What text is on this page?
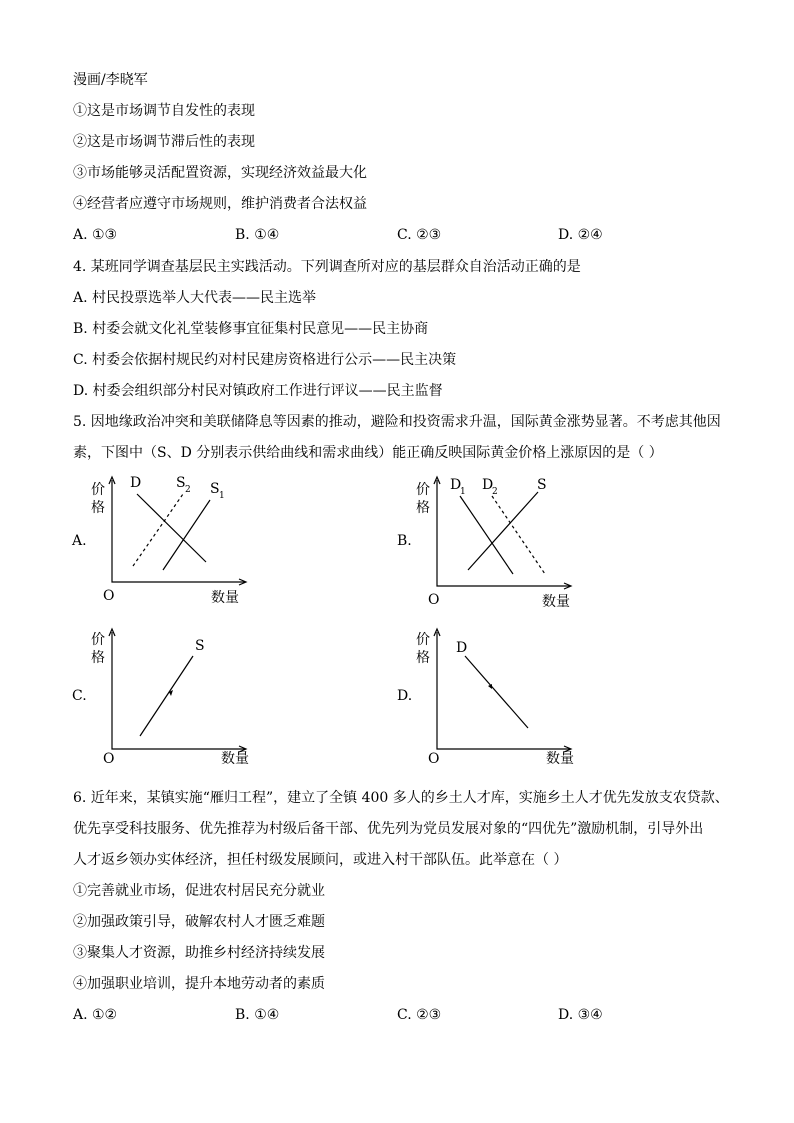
漫画/李晓军
①这是市场调节自发性的表现
②这是市场调节滞后性的表现
③市场能够灵活配置资源，实现经济效益最大化
④经营者应遵守市场规则，维护消费者合法权益
A. ①③	B. ①④	C. ②③	D. ②④
4. 某班同学调查基层民主实践活动。下列调查所对应的基层群众自治活动正确的是
A. 村民投票选举人大代表——民主选举
B. 村委会就文化礼堂装修事宜征集村民意见——民主协商
C. 村委会依据村规民约对村民建房资格进行公示——民主决策
D. 村委会组织部分村民对镇政府工作进行评议——民主监督
5. 因地缘政治冲突和美联储降息等因素的推动，避险和投资需求升温，国际黄金涨势显著。不考虑其他因
素，下图中（S、D 分别表示供给曲线和需求曲线）能正确反映国际黄金价格上涨原因的是（ ）
A.
价
格
O	数量
D S 2 S 1
B.
价
格
O	数量
D
1 D
2	S
C.
价
格
O	数量
S
D.
价
格
O	数量
D
6. 近年来，某镇实施“雁归工程”，建立了全镇 400 多人的乡土人才库，实施乡土人才优先发放支农贷款、
优先享受科技服务、优先推荐为村级后备干部、优先列为党员发展对象的“四优先”激励机制，引导外出
人才返乡领办实体经济，担任村级发展顾问，或进入村干部队伍。此举意在（ ）
①完善就业市场，促进农村居民充分就业
②加强政策引导，破解农村人才匮乏难题
③聚集人才资源，助推乡村经济持续发展
④加强职业培训，提升本地劳动者的素质
A. ①②	B. ①④	C. ②③	D. ③④
